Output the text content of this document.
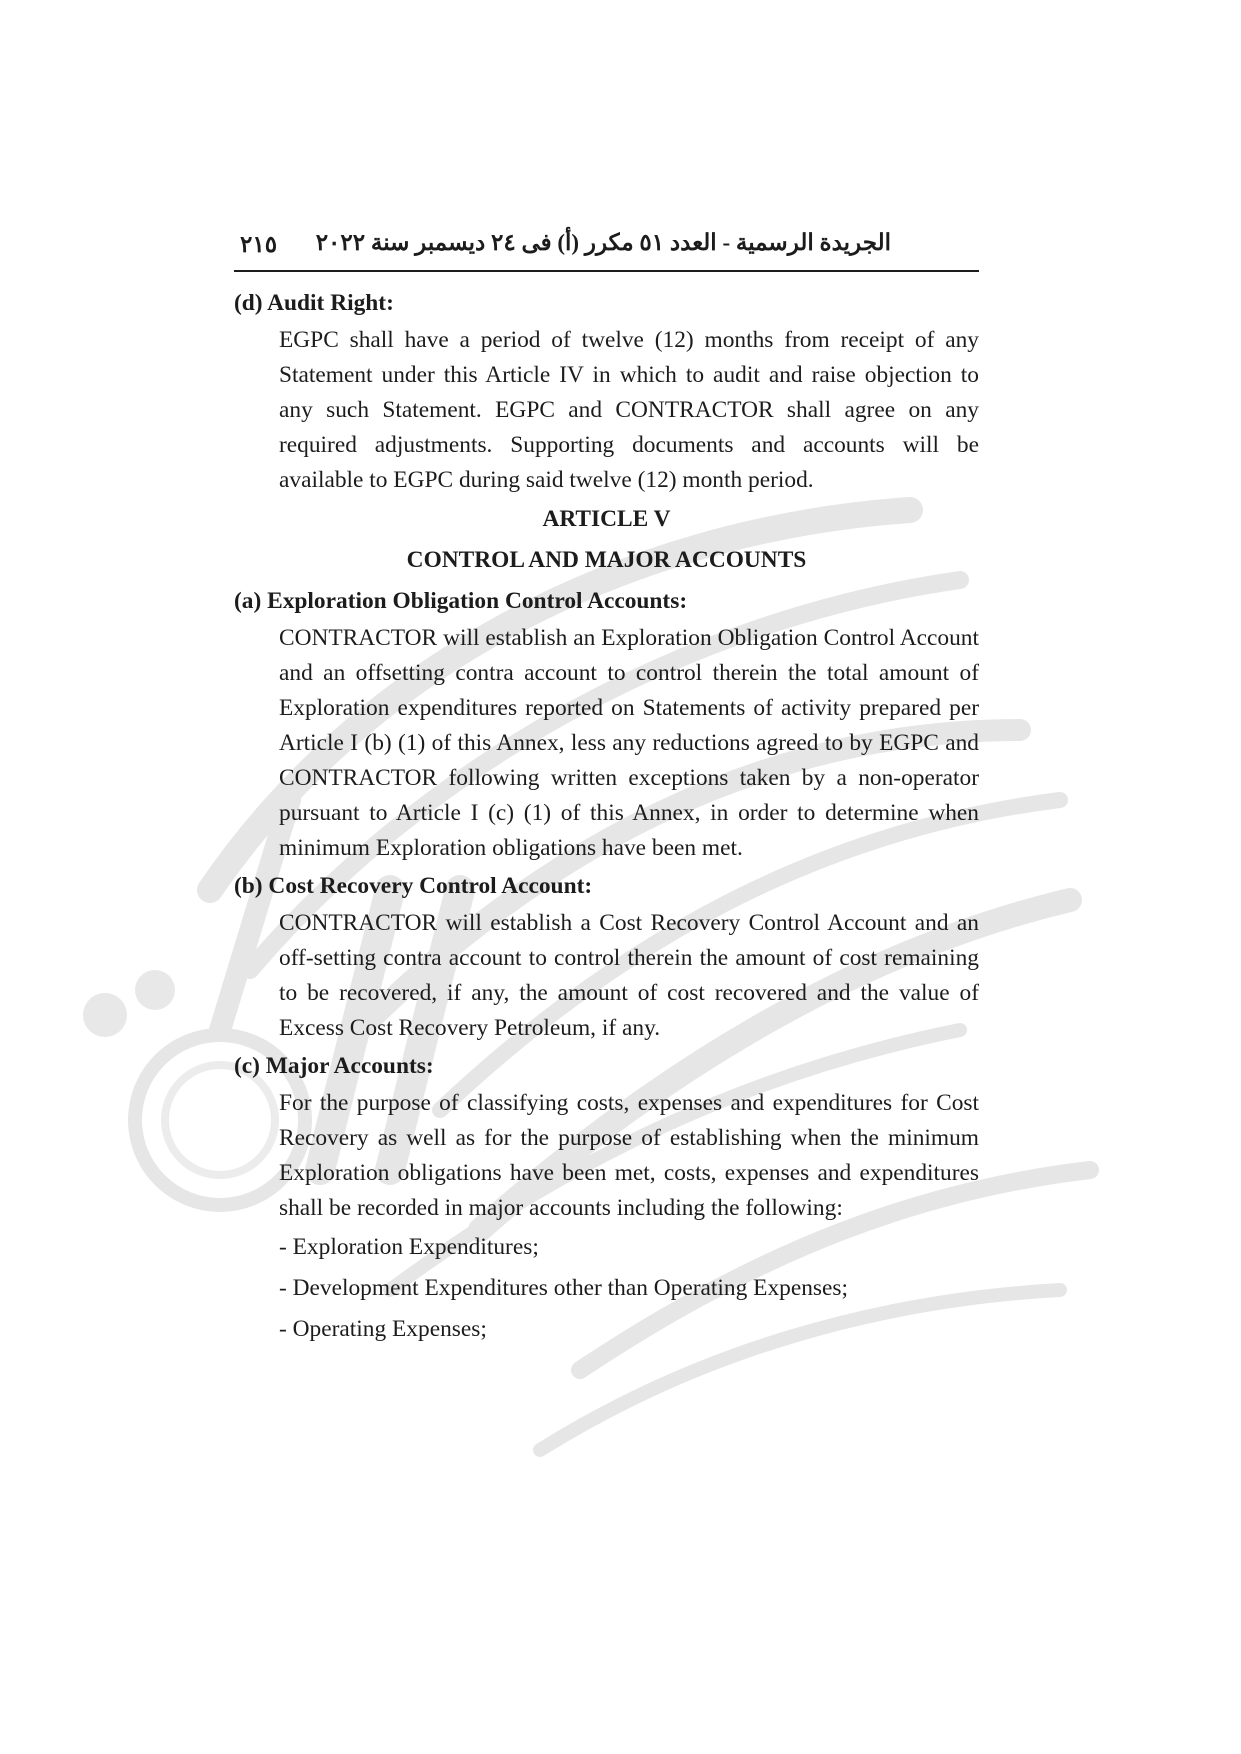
٢١٥ الجريدة الرسمية - العدد ٥١ مكرر (أ) فى ٢٤ ديسمبر سنة ٢٠٢٢

(d) Audit Right:

EGPC shall have a period of twelve (12) months from receipt of any Statement under this Article IV in which to audit and raise objection to any such Statement. EGPC and CONTRACTOR shall agree on any required adjustments. Supporting documents and accounts will be available to EGPC during said twelve (12) month period.

ARTICLE V

CONTROL AND MAJOR ACCOUNTS

(a) Exploration Obligation Control Accounts:

CONTRACTOR will establish an Exploration Obligation Control Account and an offsetting contra account to control therein the total amount of Exploration expenditures reported on Statements of activity prepared per Article I (b) (1) of this Annex, less any reductions agreed to by EGPC and CONTRACTOR following written exceptions taken by a non-operator pursuant to Article I (c) (1) of this Annex, in order to determine when minimum Exploration obligations have been met.

(b) Cost Recovery Control Account:

CONTRACTOR will establish a Cost Recovery Control Account and an off-setting contra account to control therein the amount of cost remaining to be recovered, if any, the amount of cost recovered and the value of Excess Cost Recovery Petroleum, if any.

(c) Major Accounts:

For the purpose of classifying costs, expenses and expenditures for Cost Recovery as well as for the purpose of establishing when the minimum Exploration obligations have been met, costs, expenses and expenditures shall be recorded in major accounts including the following:

- Exploration Expenditures;
- Development Expenditures other than Operating Expenses;
- Operating Expenses;
